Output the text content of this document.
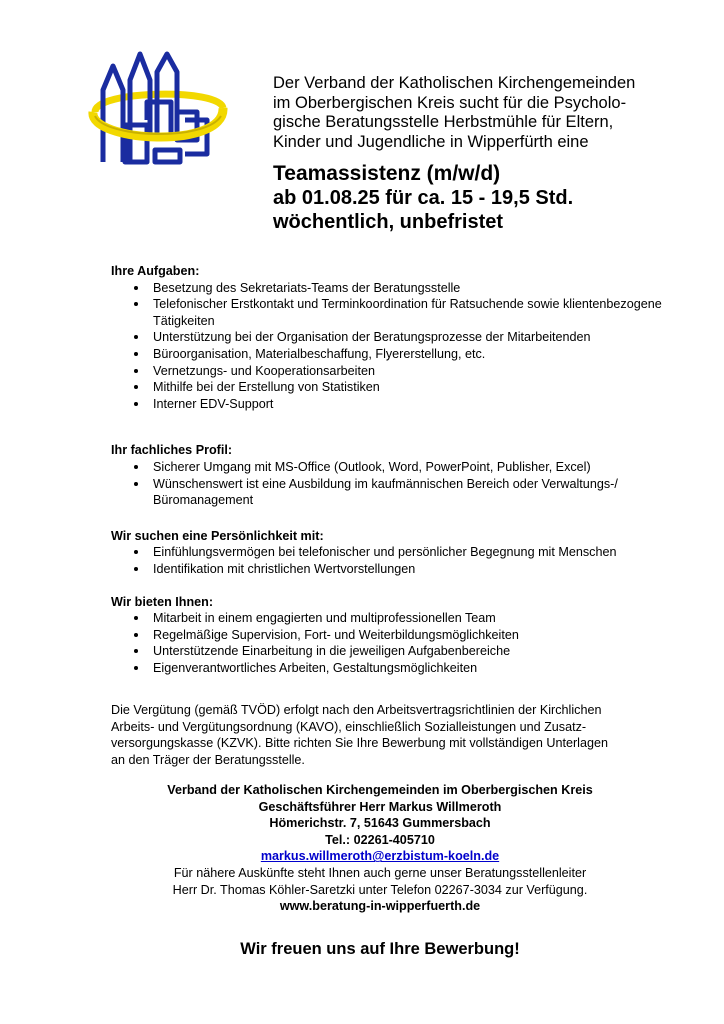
Der Verband der Katholischen Kirchengemeinden
im Oberbergischen Kreis sucht für die Psycholo-
gische Beratungsstelle Herbstmühle für Eltern,
Kinder und Jugendliche in Wipperfürth eine
Teamassistenz (m/w/d)
ab 01.08.25 für ca. 15 - 19,5 Std.
wöchentlich, unbefristet
Ihre Aufgaben:
Besetzung des Sekretariats-Teams der Beratungsstelle
Telefonischer Erstkontakt und Terminkoordination für Ratsuchende sowie klientenbezogene Tätigkeiten
Unterstützung bei der Organisation der Beratungsprozesse der Mitarbeitenden
Büroorganisation, Materialbeschaffung, Flyererstellung, etc.
Vernetzungs- und Kooperationsarbeiten
Mithilfe bei der Erstellung von Statistiken
Interner EDV-Support
Ihr fachliches Profil:
Sicherer Umgang mit MS-Office (Outlook, Word, PowerPoint, Publisher, Excel)
Wünschenswert ist eine Ausbildung im kaufmännischen Bereich oder Verwaltungs-/ Büromanagement
Wir suchen eine Persönlichkeit mit:
Einfühlungsvermögen bei telefonischer und persönlicher Begegnung mit Menschen
Identifikation mit christlichen Wertvorstellungen
Wir bieten Ihnen:
Mitarbeit in einem engagierten und multiprofessionellen Team
Regelmäßige Supervision, Fort- und Weiterbildungsmöglichkeiten
Unterstützende Einarbeitung in die jeweiligen Aufgabenbereiche
Eigenverantwortliches Arbeiten, Gestaltungsmöglichkeiten
Die Vergütung (gemäß TVÖD) erfolgt nach den Arbeitsvertragsrichtlinien der Kirchlichen
Arbeits- und Vergütungsordnung (KAVO), einschließlich Sozialleistungen und Zusatz-
versorgungskasse (KZVK). Bitte richten Sie Ihre Bewerbung mit vollständigen Unterlagen
an den Träger der Beratungsstelle.
Verband der Katholischen Kirchengemeinden im Oberbergischen Kreis
Geschäftsführer Herr Markus Willmeroth
Hömerichstr. 7, 51643 Gummersbach
Tel.: 02261-405710
markus.willmeroth@erzbistum-koeln.de
Für nähere Auskünfte steht Ihnen auch gerne unser Beratungsstellenleiter
Herr Dr. Thomas Köhler-Saretzki unter Telefon 02267-3034 zur Verfügung.
www.beratung-in-wipperfuerth.de
Wir freuen uns auf Ihre Bewerbung!
